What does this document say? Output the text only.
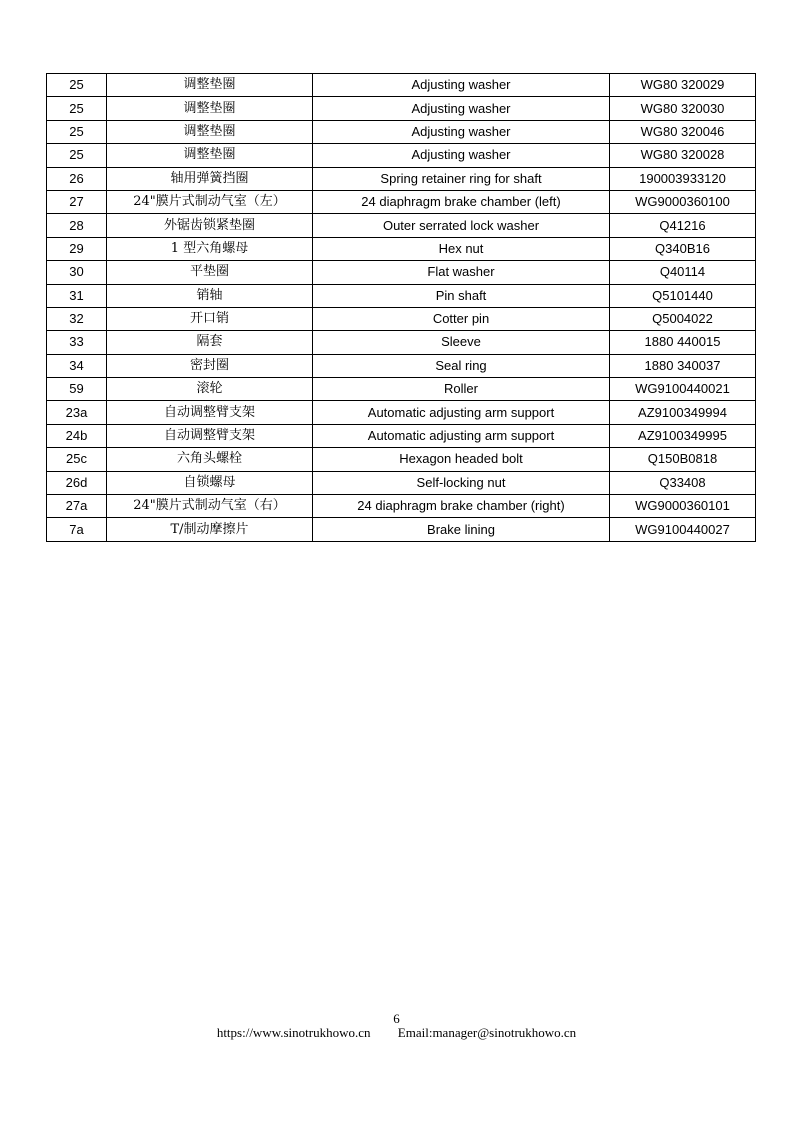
25	调整垫圈	Adjusting washer	WG80 320029
25	调整垫圈	Adjusting washer	WG80 320030
25	调整垫圈	Adjusting washer	WG80 320046
25	调整垫圈	Adjusting washer	WG80 320028
26	轴用弹簧挡圈	Spring retainer ring for shaft	190003933120
27	24"膜片式制动气室（左）	24 diaphragm brake chamber (left)	WG9000360100
28	外锯齿锁紧垫圈	Outer serrated lock washer	Q41216
29	1 型六角螺母	Hex nut	Q340B16
30	平垫圈	Flat washer	Q40114
31	销轴	Pin shaft	Q5101440
32	开口销	Cotter pin	Q5004022
33	隔套	Sleeve	1880 440015
34	密封圈	Seal ring	1880 340037
59	滚轮	Roller	WG9100440021
23a	自动调整臂支架	Automatic adjusting arm support	AZ9100349994
24b	自动调整臂支架	Automatic adjusting arm support	AZ9100349995
25c	六角头螺栓	Hexagon headed bolt	Q150B0818
26d	自锁螺母	Self-locking nut	Q33408
27a	24"膜片式制动气室（右）	24 diaphragm brake chamber (right)	WG9000360101
7a	T/制动摩擦片	Brake lining	WG9100440027
6
https://www.sinotrukhowo.cn Email:manager@sinotrukhowo.cn
